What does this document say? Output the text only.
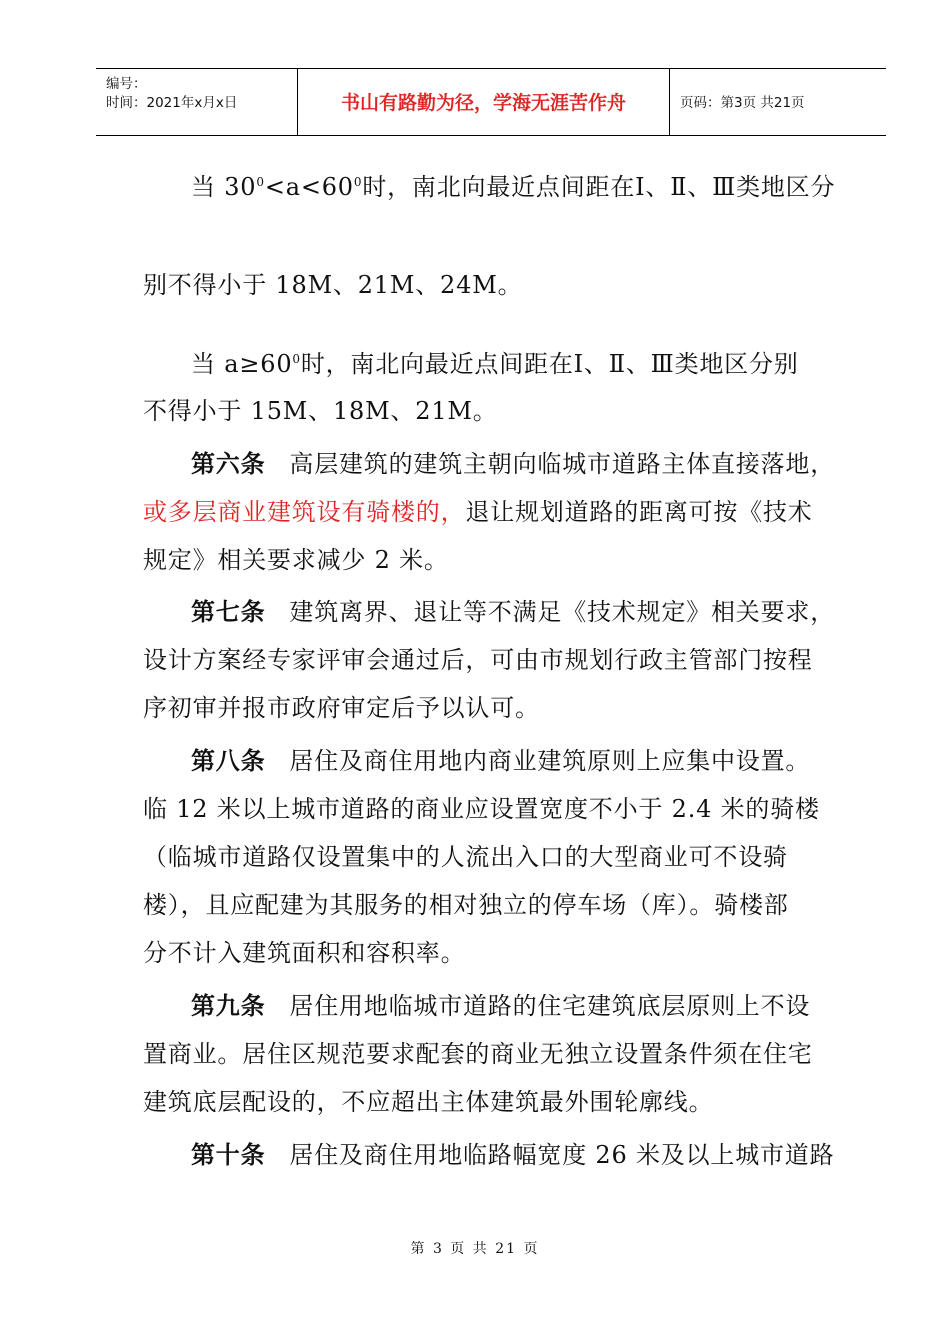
编号：
时间：2021年x月x日	书山有路勤为径，学海无涯苦作舟	页码：第3页 共21页
当 $30^0<a<60^0$时，南北向最近点间距在Ⅰ、Ⅱ、Ⅲ类地区分
别不得小于 18M、21M、24M。
当 $a\ge 60^0$时，南北向最近点间距在Ⅰ、Ⅱ、Ⅲ类地区分别
不得小于 15M、18M、21M。
第六条 高层建筑的建筑主朝向临城市道路主体直接落地，
或多层商业建筑设有骑楼的，退让规划道路的距离可按《技术
规定》相关要求减少 2 米。
第七条 建筑离界、退让等不满足《技术规定》相关要求，
设计方案经专家评审会通过后，可由市规划行政主管部门按程
序初审并报市政府审定后予以认可。
第八条 居住及商住用地内商业建筑原则上应集中设置。
临 12 米以上城市道路的商业应设置宽度不小于 2.4 米的骑楼
（临城市道路仅设置集中的人流出入口的大型商业可不设骑
楼），且应配建为其服务的相对独立的停车场（库）。骑楼部
分不计入建筑面积和容积率。
第九条 居住用地临城市道路的住宅建筑底层原则上不设
置商业。居住区规范要求配套的商业无独立设置条件须在住宅
建筑底层配设的，不应超出主体建筑最外围轮廓线。
第十条 居住及商住用地临路幅宽度 26 米及以上城市道路
第 3 页 共 21 页
